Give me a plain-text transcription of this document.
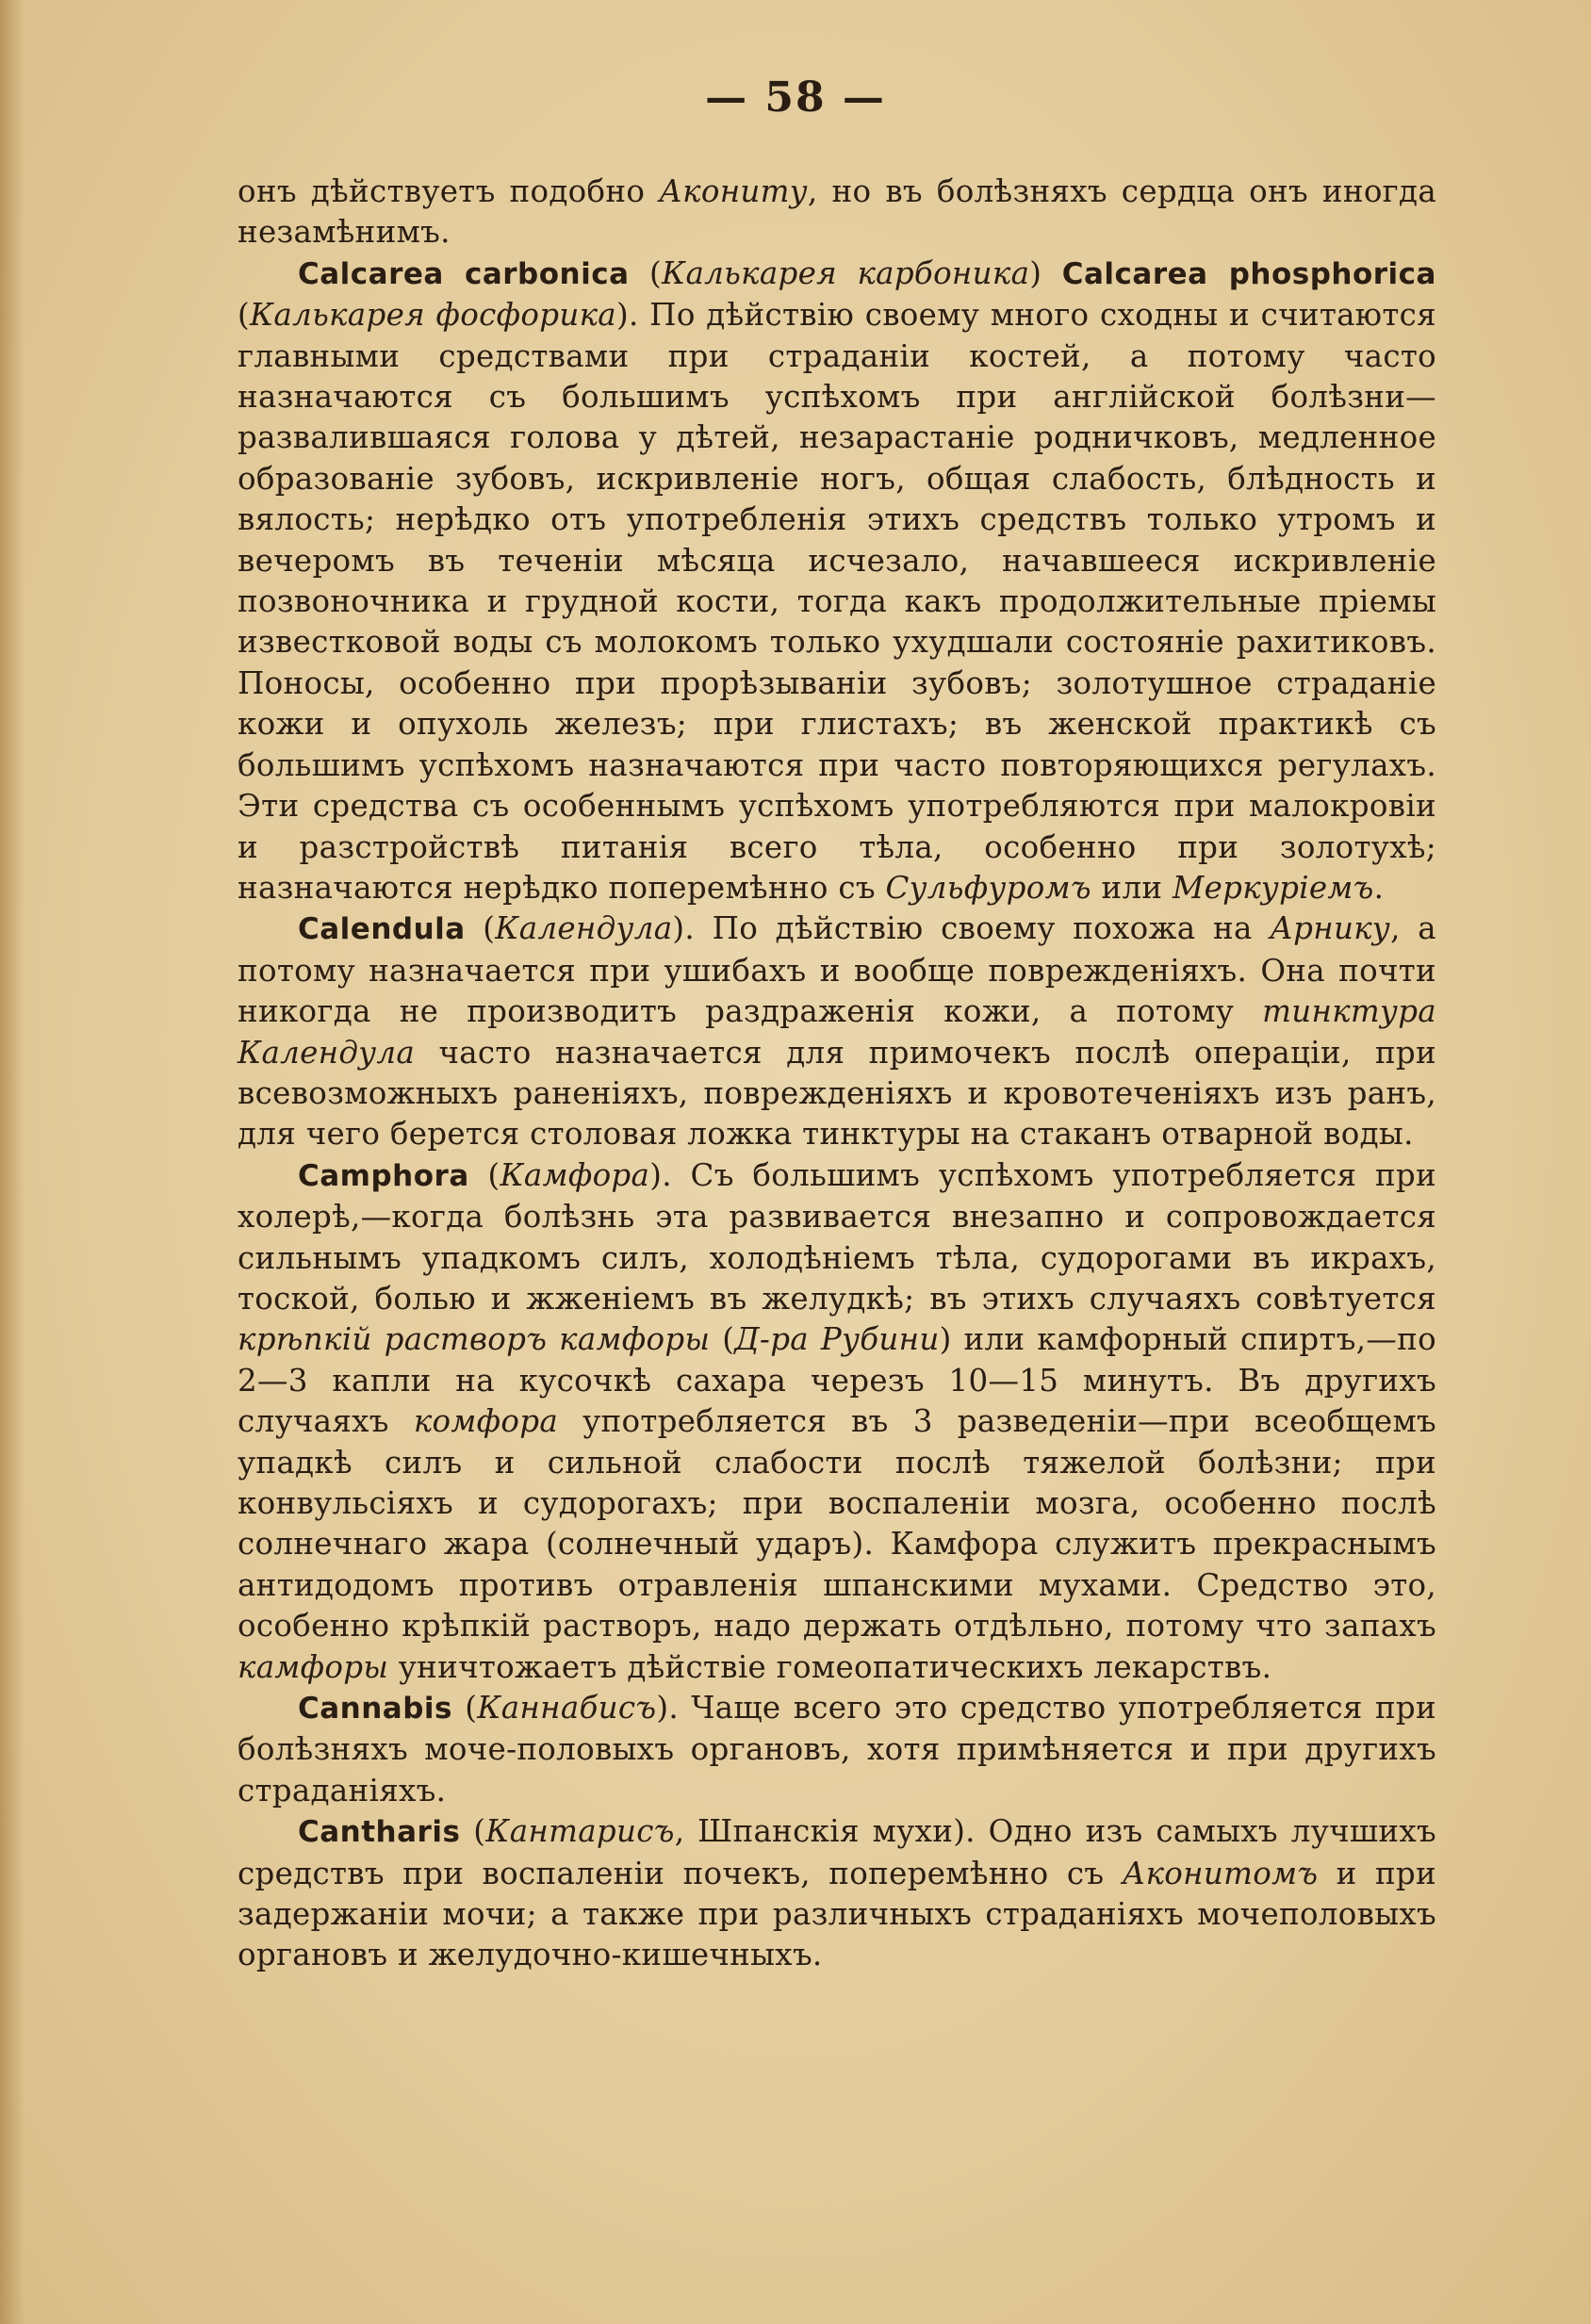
— 58 —

онъ дѣйствуетъ подобно Акониту, но въ болѣзняхъ сердца онъ иногда незамѣнимъ.

Calcarea carbonica (Калькарея карбоника) Calcarea phosphorica (Калькарея фосфорика). По дѣйствію своему много сходны и считаются главными средствами при страданіи костей, а потому часто назначаются съ большимъ успѣхомъ при англійской болѣзни—развалившаяся голова у дѣтей, незарастаніе родничковъ, медленное образованіе зубовъ, искривленіе ногъ, общая слабость, блѣдность и вялость; нерѣдко отъ употребленія этихъ средствъ только утромъ и вечеромъ въ теченіи мѣсяца исчезало, начавшееся искривленіе позвоночника и грудной кости, тогда какъ продолжительные пріемы известковой воды съ молокомъ только ухудшали состояніе рахитиковъ. Поносы, особенно при прорѣзываніи зубовъ; золотушное страданіе кожи и опухоль железъ; при глистахъ; въ женской практикѣ съ большимъ успѣхомъ назначаются при часто повторяющихся регулахъ. Эти средства съ особеннымъ успѣхомъ употребляются при малокровіи и разстройствѣ питанія всего тѣла, особенно при золотухѣ; назначаются нерѣдко поперемѣнно съ Сульфуромъ или Меркуріемъ.

Calendula (Календула). По дѣйствію своему похожа на Арнику, а потому назначается при ушибахъ и вообще поврежденіяхъ. Она почти никогда не производитъ раздраженія кожи, а потому тинктура Календула часто назначается для примочекъ послѣ операціи, при всевозможныхъ раненіяхъ, поврежденіяхъ и кровотеченіяхъ изъ ранъ, для чего берется столовая ложка тинктуры на стаканъ отварной воды.

Camphora (Камфора). Съ большимъ успѣхомъ употребляется при холерѣ,—когда болѣзнь эта развивается внезапно и сопровождается сильнымъ упадкомъ силъ, холодѣніемъ тѣла, судорогами въ икрахъ, тоской, болью и жженіемъ въ желудкѣ; въ этихъ случаяхъ совѣтуется крѣпкій растворъ камфоры (Д-ра Рубини) или камфорный спиртъ,—по 2—3 капли на кусочкѣ сахара черезъ 10—15 минутъ. Въ другихъ случаяхъ комфора употребляется въ 3 разведеніи—при всеобщемъ упадкѣ силъ и сильной слабости послѣ тяжелой болѣзни; при конвульсіяхъ и судорогахъ; при воспаленіи мозга, особенно послѣ солнечнаго жара (солнечный ударъ). Камфора служитъ прекраснымъ антидодомъ противъ отравленія шпанскими мухами. Средство это, особенно крѣпкій растворъ, надо держать отдѣльно, потому что запахъ камфоры уничтожаетъ дѣйствіе гомеопатическихъ лекарствъ.

Cannabis (Каннабисъ). Чаще всего это средство употребляется при болѣзняхъ моче-половыхъ органовъ, хотя примѣняется и при другихъ страданіяхъ.

Cantharis (Кантарисъ, Шпанскія мухи). Одно изъ самыхъ лучшихъ средствъ при воспаленіи почекъ, поперемѣнно съ Аконитомъ и при задержаніи мочи; а также при различныхъ страданіяхъ мочеполовыхъ органовъ и желудочно-кишечныхъ.
